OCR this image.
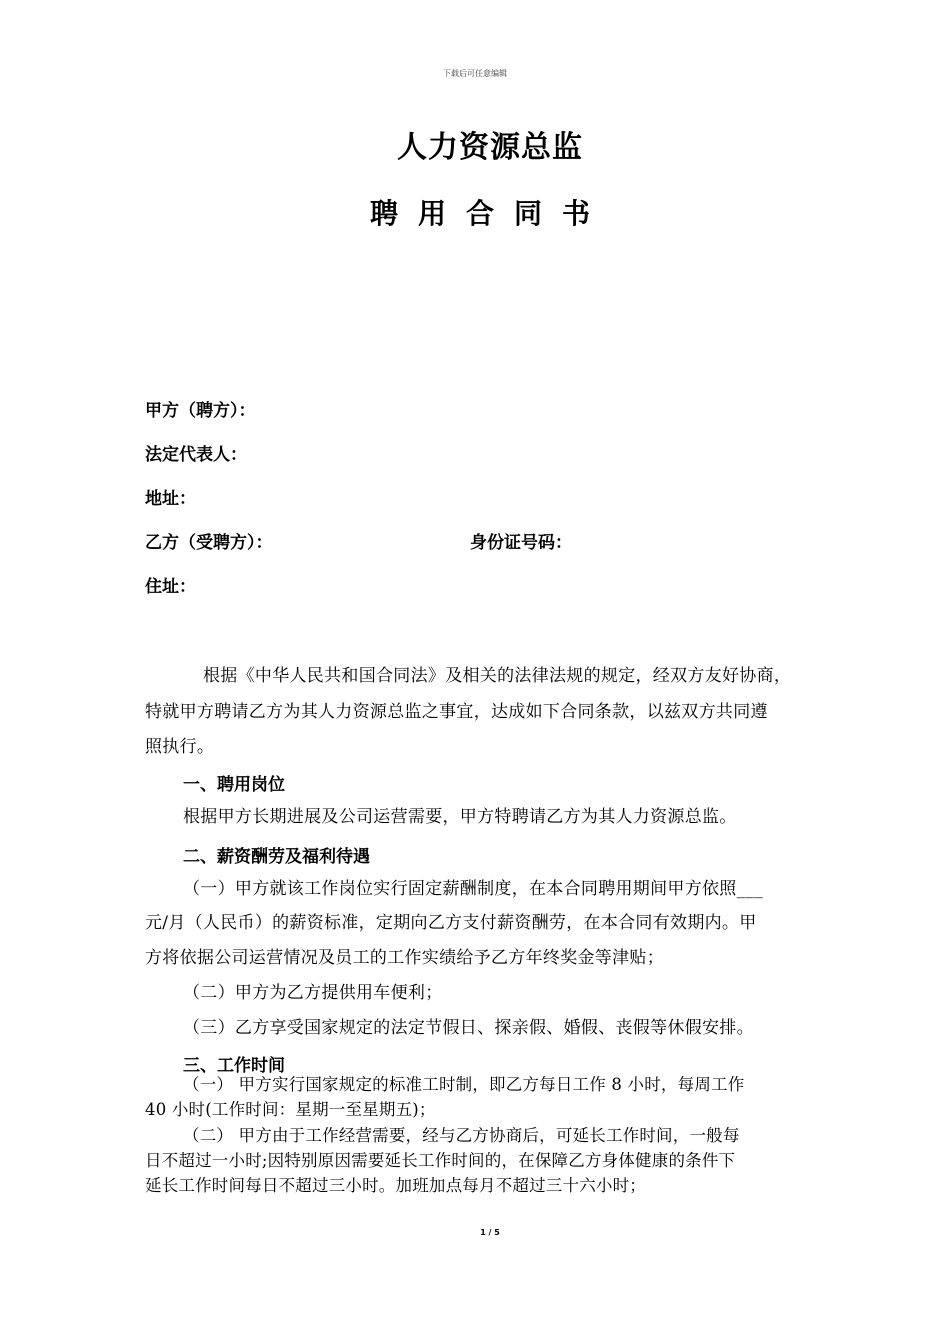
下载后可任意编辑

人力资源总监
聘用合同书

甲方（聘方）：

法定代表人：

地址：

乙方（受聘方）：	身份证号码：

住址：

根据《中华人民共和国合同法》及相关的法律法规的规定，经双方友好协商，

特就甲方聘请乙方为其人力资源总监之事宜，达成如下合同条款，以兹双方共同遵

照执行。

一、聘用岗位

根据甲方长期进展及公司运营需要，甲方特聘请乙方为其人力资源总监。

二、薪资酬劳及福利待遇

（一）甲方就该工作岗位实行固定薪酬制度，在本合同聘用期间甲方依照___

元/月（人民币）的薪资标准，定期向乙方支付薪资酬劳，在本合同有效期内。甲

方将依据公司运营情况及员工的工作实绩给予乙方年终奖金等津贴；

（二）甲方为乙方提供用车便利；

（三）乙方享受国家规定的法定节假日、探亲假、婚假、丧假等休假安排。

三、工作时间

（一） 甲方实行国家规定的标准工时制，即乙方每日工作 8 小时，每周工作

40 小时(工作时间：星期一至星期五)；

（二） 甲方由于工作经营需要，经与乙方协商后，可延长工作时间，一般每

日不超过一小时;因特别原因需要延长工作时间的，在保障乙方身体健康的条件下

延长工作时间每日不超过三小时。加班加点每月不超过三十六小时；

1 / 5
